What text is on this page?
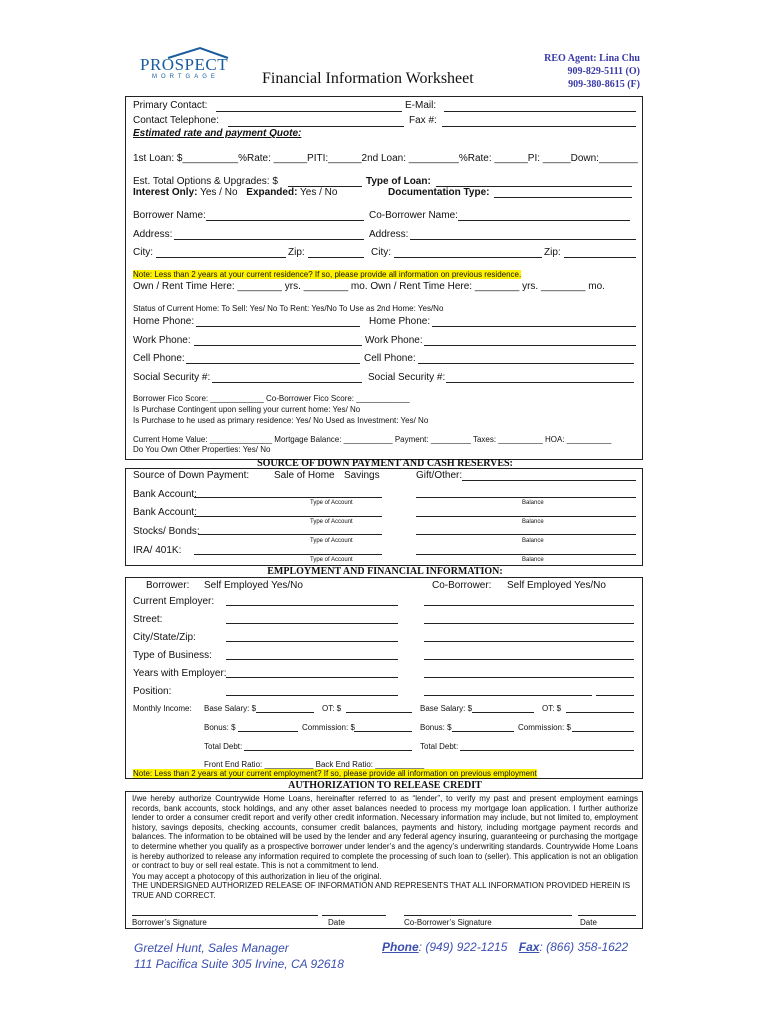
PROSPECT
MORTGAGE	Financial Information Worksheet
REO Agent: Lina Chu
909-829-5111 (O)
909-380-8615 (F)
Primary Contact:	E-Mail:
Contact Telephone:	Fax #:
Estimated rate and payment Quote:
1st Loan: $__________%Rate: ______PITI:______2nd Loan: _________%Rate: ______PI: _____Down:_______
Est. Total Options & Upgrades: $	Type of Loan:
Interest Only: Yes / No Expanded: Yes / No	Documentation Type:
Borrower Name:	Co-Borrower Name:
Address:	Address:
City:	Zip:	City:	Zip:
Note: Less than 2 years at your current residence? If so, please provide all information on previous residence.
Own / Rent Time Here: ________ yrs. ________ mo. Own / Rent Time Here: ________ yrs. ________ mo.
Status of Current Home: To Sell: Yes/ No To Rent: Yes/No To Use as 2nd Home: Yes/No
Home Phone:	Home Phone:
Work Phone:	Work Phone:
Cell Phone:	Cell Phone:
Social Security #:	Social Security #:
Borrower Fico Score: ____________ Co-Borrower Fico Score: ____________
Is Purchase Contingent upon selling your current home: Yes/ No
Is Purchase to he used as primary residence: Yes/ No Used as Investment: Yes/ No
Current Home Value: ______________ Mortgage Balance: ___________ Payment: _________ Taxes: __________ HOA: __________
Do You Own Other Properties: Yes/ No
SOURCE OF DOWN PAYMENT AND CASH RESERVES:
Source of Down Payment: Sale of Home Savings	Gift/Other:
Bank Account:
Type of Account	Balance
Bank Account:
Type of Account	Balance
Stocks/ Bonds:
Type of Account	Balance
IRA/ 401K:
Type of Account	Balance
EMPLOYMENT AND FINANCIAL INFORMATION:
Borrower: Self Employed Yes/No	Co-Borrower: Self Employed Yes/No
Current Employer:
Street:
City/State/Zip:
Type of Business:
Years with Employer:
Position:
Monthly Income: Base Salary: $	OT: $	Base Salary: $	OT: $
Bonus: $	Commission: $	Bonus: $	Commission: $
Total Debt:	Total Debt:
Front End Ratio: ___________ Back End Ratio: ___________
Note: Less than 2 years at your current employment? If so, please provide all information on previous employment
AUTHORIZATION TO RELEASE CREDIT
I/we hereby authorize Countrywide Home Loans, hereinafter referred to as “lender”, to verify my past and present employment earnings records, bank accounts, stock holdings, and any other asset balances needed to process my mortgage loan application. I further authorize lender to order a consumer credit report and verify other credit information. Necessary information may include, but not limited to, employment history, savings deposits, checking accounts, consumer credit balances, payments and history, including mortgage payment records and balances. The information to be obtained will be used by the lender and any federal agency insuring, guaranteeing or purchasing the mortgage to determine whether you qualify as a prospective borrower under lender’s and the agency’s underwriting standards. Countrywide Home Loans is hereby authorized to release any information required to complete the processing of such loan to (seller). This application is not an obligation or contract to buy or sell real estate. This is not a commitment to lend.
You may accept a photocopy of this authorization in lieu of the original.
THE UNDERSIGNED AUTHORIZED RELEASE OF INFORMATION AND REPRESENTS THAT ALL INFORMATION PROVIDED HEREIN IS TRUE AND CORRECT.
Borrower’s Signature	Date	Co-Borrower’s Signature	Date
Gretzel Hunt, Sales Manager
111 Pacifica Suite 305 Irvine, CA 92618
Phone: (949) 922-1215 Fax: (866) 358-1622
